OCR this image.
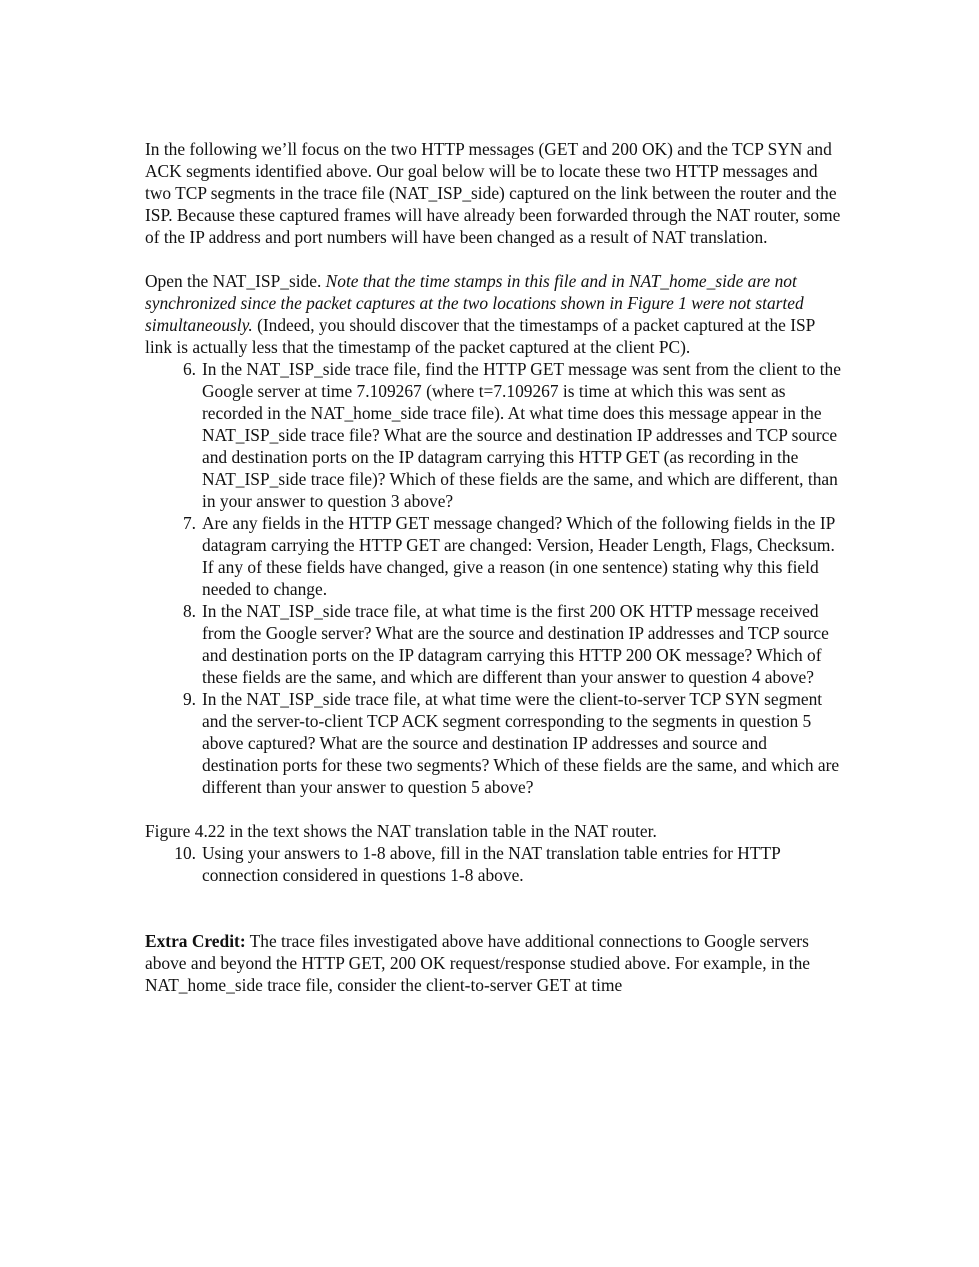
In the following we’ll focus on the two HTTP messages (GET and 200 OK) and the TCP SYN and ACK segments identified above. Our goal below will be to locate these two HTTP messages and two TCP segments in the trace file (NAT_ISP_side) captured on the link between the router and the ISP. Because these captured frames will have already been forwarded through the NAT router, some of the IP address and port numbers will have been changed as a result of NAT translation.

Open the NAT_ISP_side. Note that the time stamps in this file and in NAT_home_side are not synchronized since the packet captures at the two locations shown in Figure 1 were not started simultaneously. (Indeed, you should discover that the timestamps of a packet captured at the ISP link is actually less that the timestamp of the packet captured at the client PC).

6. In the NAT_ISP_side trace file, find the HTTP GET message was sent from the client to the Google server at time 7.109267 (where t=7.109267 is time at which this was sent as recorded in the NAT_home_side trace file). At what time does this message appear in the NAT_ISP_side trace file? What are the source and destination IP addresses and TCP source and destination ports on the IP datagram carrying this HTTP GET (as recording in the NAT_ISP_side trace file)? Which of these fields are the same, and which are different, than in your answer to question 3 above?
7. Are any fields in the HTTP GET message changed? Which of the following fields in the IP datagram carrying the HTTP GET are changed: Version, Header Length, Flags, Checksum. If any of these fields have changed, give a reason (in one sentence) stating why this field needed to change.
8. In the NAT_ISP_side trace file, at what time is the first 200 OK HTTP message received from the Google server? What are the source and destination IP addresses and TCP source and destination ports on the IP datagram carrying this HTTP 200 OK message? Which of these fields are the same, and which are different than your answer to question 4 above?
9. In the NAT_ISP_side trace file, at what time were the client-to-server TCP SYN segment and the server-to-client TCP ACK segment corresponding to the segments in question 5 above captured? What are the source and destination IP addresses and source and destination ports for these two segments? Which of these fields are the same, and which are different than your answer to question 5 above?

Figure 4.22 in the text shows the NAT translation table in the NAT router.

10. Using your answers to 1-8 above, fill in the NAT translation table entries for HTTP connection considered in questions 1-8 above.

Extra Credit: The trace files investigated above have additional connections to Google servers above and beyond the HTTP GET, 200 OK request/response studied above. For example, in the NAT_home_side trace file, consider the client-to-server GET at time
